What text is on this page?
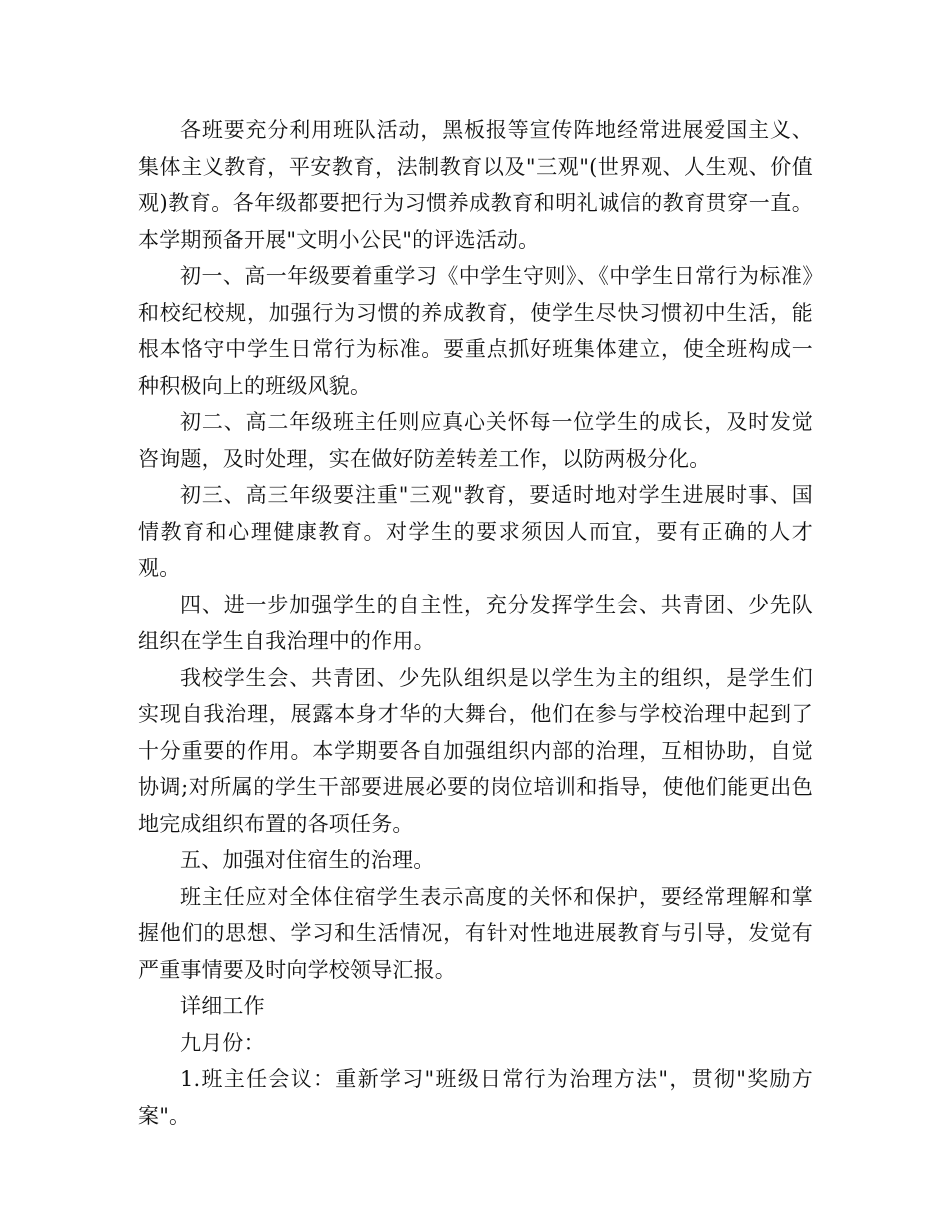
各班要充分利用班队活动，黑板报等宣传阵地经常进展爱国主义、集体主义教育，平安教育，法制教育以及"三观"(世界观、人生观、价值观)教育。各年级都要把行为习惯养成教育和明礼诚信的教育贯穿一直。本学期预备开展"文明小公民"的评选活动。

初一、高一年级要着重学习《中学生守则》、《中学生日常行为标准》和校纪校规，加强行为习惯的养成教育，使学生尽快习惯初中生活，能根本恪守中学生日常行为标准。要重点抓好班集体建立，使全班构成一种积极向上的班级风貌。

初二、高二年级班主任则应真心关怀每一位学生的成长，及时发觉咨询题，及时处理，实在做好防差转差工作，以防两极分化。

初三、高三年级要注重"三观"教育，要适时地对学生进展时事、国情教育和心理健康教育。对学生的要求须因人而宜，要有正确的人才观。

四、进一步加强学生的自主性，充分发挥学生会、共青团、少先队组织在学生自我治理中的作用。

我校学生会、共青团、少先队组织是以学生为主的组织，是学生们实现自我治理，展露本身才华的大舞台，他们在参与学校治理中起到了十分重要的作用。本学期要各自加强组织内部的治理，互相协助，自觉协调;对所属的学生干部要进展必要的岗位培训和指导，使他们能更出色地完成组织布置的各项任务。

五、加强对住宿生的治理。

班主任应对全体住宿学生表示高度的关怀和保护，要经常理解和掌握他们的思想、学习和生活情况，有针对性地进展教育与引导，发觉有严重事情要及时向学校领导汇报。

详细工作

九月份：

1.班主任会议：重新学习"班级日常行为治理方法"，贯彻"奖励方案"。
